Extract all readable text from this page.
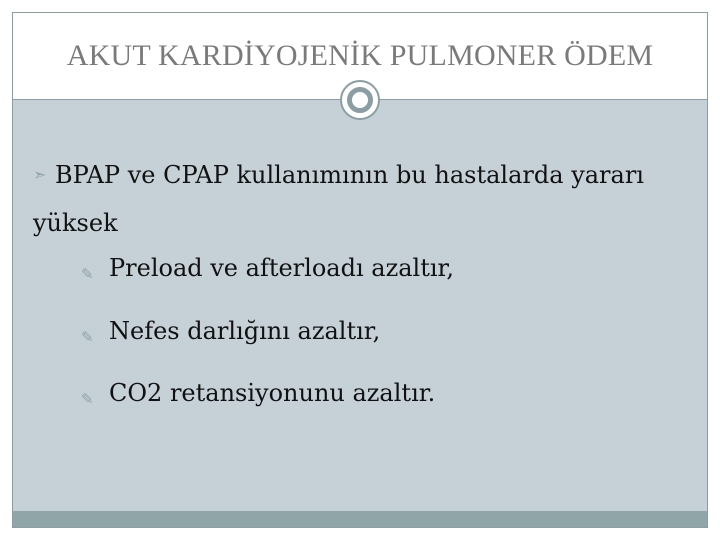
AKUT KARDİYOJENİK PULMONER ÖDEM
➣ BPAP ve CPAP kullanımının bu hastalarda yararı yüksek
✎ Preload ve afterloadı azaltır,
✎ Nefes darlığını azaltır,
✎ CO2 retansiyonunu azaltır.
